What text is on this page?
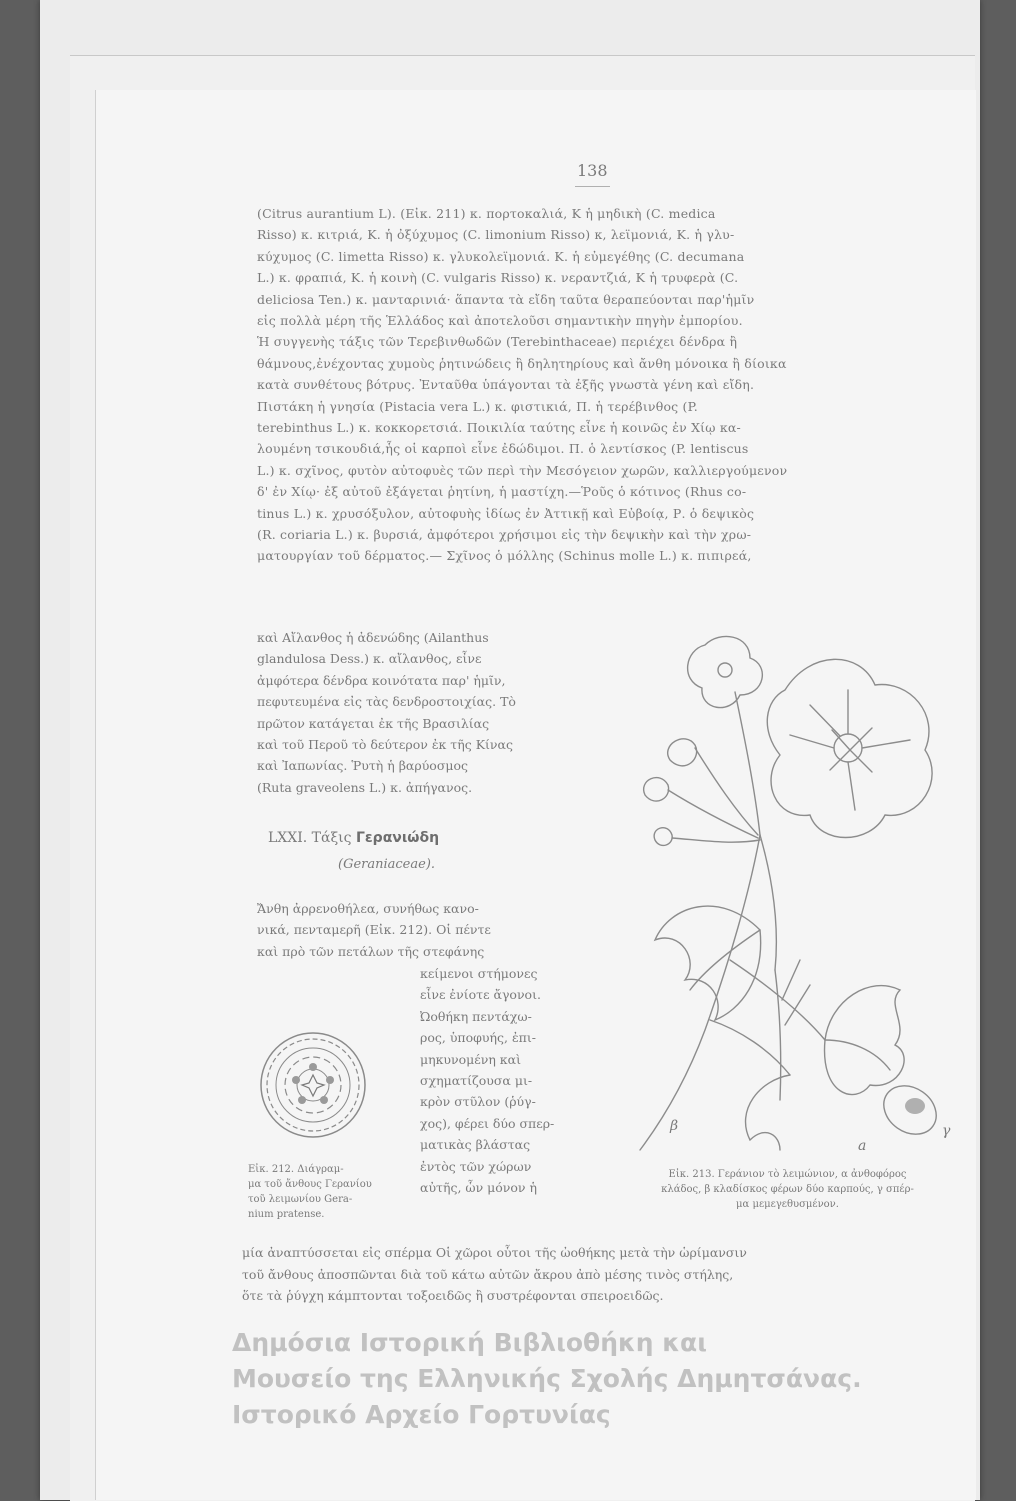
138
(Citrus aurantium L). (Εἰκ. 211) κ. πορτοκαλιά, Κ ἡ μηδικὴ (C. medica
Risso) κ. κιτριά, Κ. ἡ ὀξύχυμος (C. limonium Risso) κ, λεϊμονιά, Κ. ἡ γλυ-
κύχυμος (C. limetta Risso) κ. γλυκολεϊμονιά. Κ. ἡ εὐμεγέθης (C. decumana
L.) κ. φραπιά, Κ. ἡ κοινὴ (C. vulgaris Risso) κ. νεραντζιά, Κ ἡ τρυφερὰ (C.
deliciosa Ten.) κ. μανταρινιά· ἅπαντα τὰ εἴδη ταῦτα θεραπεύονται παρ'ἡμῖν
εἰς πολλὰ μέρη τῆς Ἑλλάδος καὶ ἀποτελοῦσι σημαντικὴν πηγὴν ἐμπορίου.
Ἡ συγγενὴς τάξις τῶν Τερεβινθωδῶν (Terebinthaceae) περιέχει δένδρα ἢ
θάμνους,ἐνέχοντας χυμοὺς ῥητινώδεις ἢ δηλητηρίους καὶ ἄνθη μόνοικα ἢ δίοικα
κατὰ συνθέτους βότρυς. Ἐνταῦθα ὑπάγονται τὰ ἑξῆς γνωστὰ γένη καὶ εἴδη.
Πιστάκη ἡ γνησία (Pistacia vera L.) κ. φιστικιά, Π. ἡ τερέβινθος (P.
terebinthus L.) κ. κοκκορετσιά. Ποικιλία ταύτης εἶνε ἡ κοινῶς ἐν Χίῳ κα-
λουμένη τσικουδιά,ἧς οἱ καρποὶ εἶνε ἐδώδιμοι. Π. ὁ λεντίσκος (P. lentiscus
L.) κ. σχῖνος, φυτὸν αὐτοφυὲς τῶν περὶ τὴν Μεσόγειον χωρῶν, καλλιεργούμενον
δ' ἐν Χίῳ· ἐξ αὐτοῦ ἐξάγεται ῥητίνη, ἡ μαστίχη.—Ῥοῦς ὁ κότινος (Rhus co-
tinus L.) κ. χρυσόξυλον, αὐτοφυὴς ἰδίως ἐν Ἀττικῇ καὶ Εὐβοίᾳ, Ρ. ὁ δεψικὸς
(R. coriaria L.) κ. βυρσιά, ἀμφότεροι χρήσιμοι εἰς τὴν δεψικὴν καὶ τὴν χρω-
ματουργίαν τοῦ δέρματος.— Σχῖνος ὁ μόλλης (Schinus molle L.) κ. πιπιρεά,
καὶ Αἴλανθος ἡ ἀδενώδης (Ailanthus
glandulosa Dess.) κ. αἴλανθος, εἶνε
ἀμφότερα δένδρα κοινότατα παρ' ἡμῖν,
πεφυτευμένα εἰς τὰς δενδροστοιχίας. Τὸ
πρῶτον κατάγεται ἐκ τῆς Βρασιλίας
καὶ τοῦ Περοῦ τὸ δεύτερον ἐκ τῆς Κίνας
καὶ Ἰαπωνίας. Ῥυτὴ ἡ βαρύοσμος
(Ruta graveolens L.) κ. ἀπήγανος.
LXXI. Τάξις Γερανιώδη
(Geraniaceae).
Ἄνθη ἀρρενοθήλεα, συνήθως κανο-
νικά, πενταμερῆ (Εἰκ. 212). Οἱ πέντε
καὶ πρὸ τῶν πετάλων τῆς στεφάνης
κείμενοι στήμονες
εἶνε ἐνίοτε ἄγονοι.
Ὠοθήκη πεντάχω-
ρος, ὑποφυής, ἐπι-
μηκυνομένη καὶ
σχηματίζουσα μι-
κρὸν στῦλον (ῥύγ-
χος), φέρει δύο σπερ-
ματικὰς βλάστας
ἐντὸς τῶν χώρων
αὐτῆς, ὧν μόνον ἡ
Εἰκ. 212. Διάγραμ-
μα τοῦ ἄνθους Γερανίου
τοῦ λειμωνίου Gera-
nium pratense.
β
a
γ
Εἰκ. 213. Γεράνιον τὸ λειμώνιον, α ἀνθοφόρος
κλάδος, β κλαδίσκος φέρων δύο καρπούς, γ σπέρ-
μα μεμεγεθυσμένον.
μία ἀναπτύσσεται εἰς σπέρμα Οἱ χῶροι οὗτοι τῆς ὠοθήκης μετὰ τὴν ὡρίμανσιν
τοῦ ἄνθους ἀποσπῶνται διὰ τοῦ κάτω αὐτῶν ἄκρου ἀπὸ μέσης τινὸς στήλης,
ὅτε τὰ ῥύγχη κάμπτονται τοξοειδῶς ἢ συστρέφονται σπειροειδῶς.
Δημόσια Ιστορική Βιβλιοθήκη και
Μουσείο της Ελληνικής Σχολής Δημητσάνας.
Ιστορικό Αρχείο Γορτυνίας
